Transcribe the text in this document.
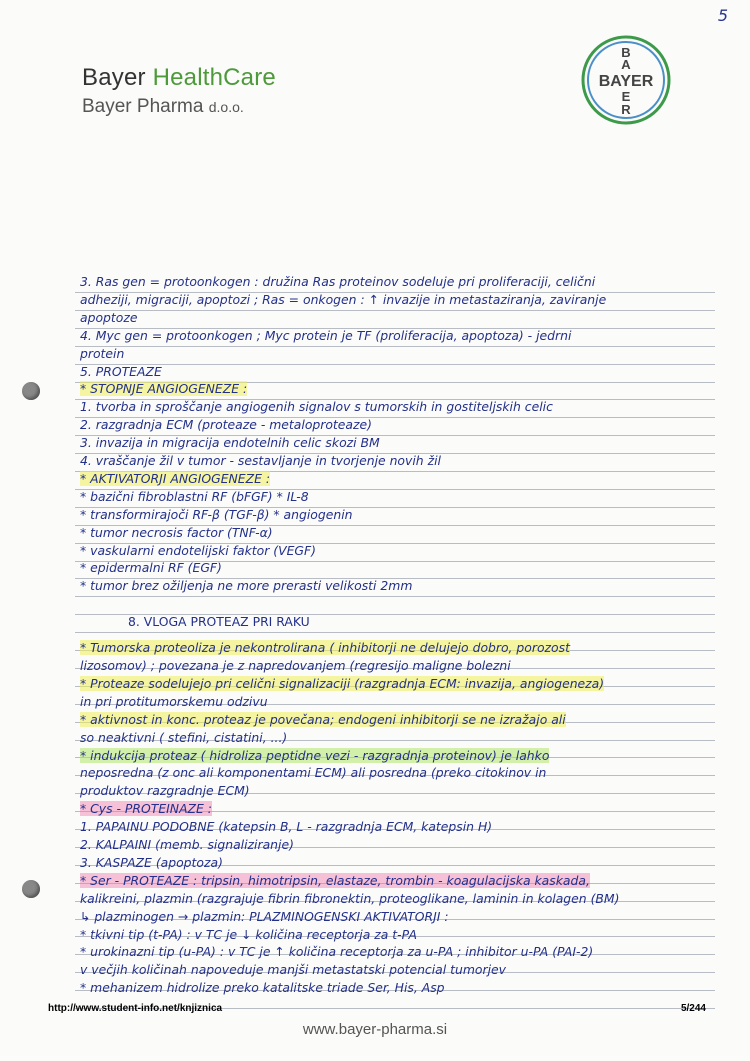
5
Bayer HealthCare
Bayer Pharma d.o.o.
BAYER
B
A
E
R
3. Ras gen = protoonkogen : družina Ras proteinov sodeluje pri proliferaciji, celični
adheziji, migraciji, apoptozi ; Ras = onkogen : ↑ invazije in metastaziranja, zaviranje
apoptoze
4. Myc gen = protoonkogen ; Myc protein je TF (proliferacija, apoptoza) - jedrni
protein
5. PROTEAZE
* STOPNJE ANGIOGENEZE :
1. tvorba in sproščanje angiogenih signalov s tumorskih in gostiteljskih celic
2. razgradnja ECM (proteaze - metaloproteaze)
3. invazija in migracija endotelnih celic skozi BM
4. vraščanje žil v tumor - sestavljanje in tvorjenje novih žil
* AKTIVATORJI ANGIOGENEZE :
* bazični fibroblastni RF (bFGF) * IL-8
* transformirajoči RF-β (TGF-β) * angiogenin
* tumor necrosis factor (TNF-α)
* vaskularni endotelijski faktor (VEGF)
* epidermalni RF (EGF)
* tumor brez ožiljenja ne more prerasti velikosti 2mm
8. VLOGA PROTEAZ PRI RAKU
* Tumorska proteoliza je nekontrolirana ( inhibitorji ne delujejo dobro, porozost
lizosomov) ; povezana je z napredovanjem (regresijo maligne bolezni
* Proteaze sodelujejo pri celični signalizaciji (razgradnja ECM: invazija, angiogeneza)
in pri protitumorskemu odzivu
* aktivnost in konc. proteaz je povečana; endogeni inhibitorji se ne izražajo ali
so neaktivni ( stefini, cistatini, ...)
* indukcija proteaz ( hidroliza peptidne vezi - razgradnja proteinov) je lahko
neposredna (z onc ali komponentami ECM) ali posredna (preko citokinov in
produktov razgradnje ECM)
* Cys - PROTEINAZE :
1. PAPAINU PODOBNE (katepsin B, L - razgradnja ECM, katepsin H)
2. KALPAINI (memb. signaliziranje)
3. KASPAZE (apoptoza)
* Ser - PROTEAZE : tripsin, himotripsin, elastaze, trombin - koagulacijska kaskada,
kalikreini, plazmin (razgrajuje fibrin fibronektin, proteoglikane, laminin in kolagen (BM)
↳ plazminogen → plazmin: PLAZMINOGENSKI AKTIVATORJI :
* tkivni tip (t-PA) : v TC je ↓ količina receptorja za t-PA
* urokinazni tip (u-PA) : v TC je ↑ količina receptorja za u-PA ; inhibitor u-PA (PAI-2)
v večjih količinah napoveduje manjši metastatski potencial tumorjev
* mehanizem hidrolize preko katalitske triade Ser, His, Asp
http://www.student-info.net/knjiznica	5/244
www.bayer-pharma.si
